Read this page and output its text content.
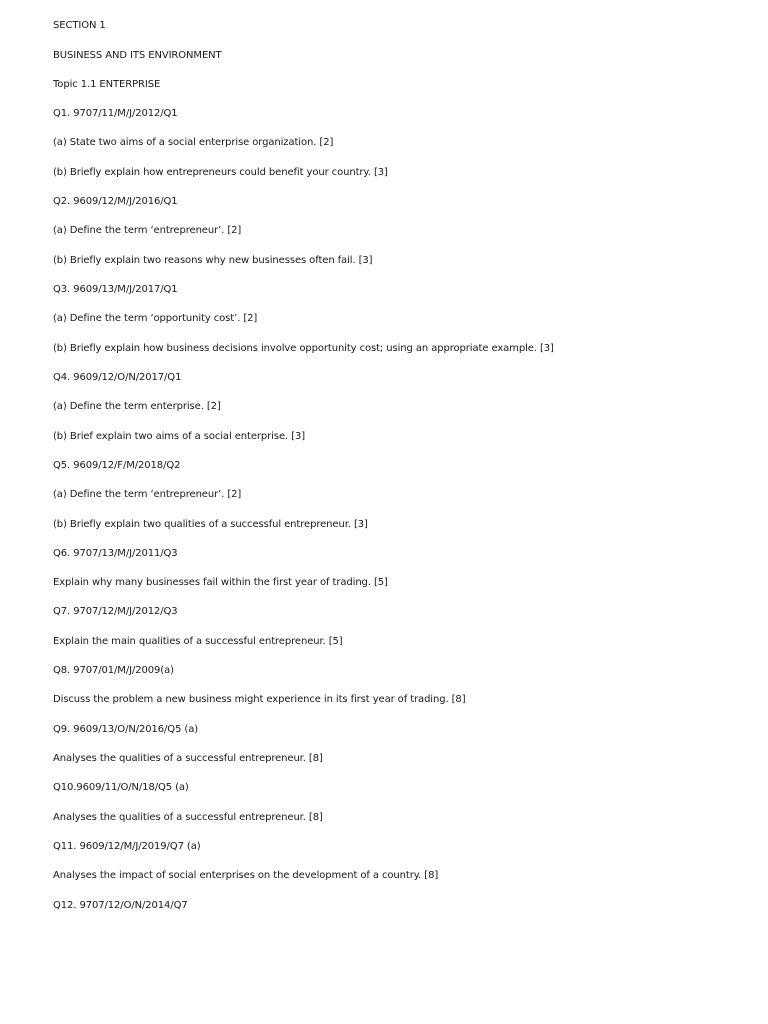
SECTION 1
BUSINESS AND ITS ENVIRONMENT
Topic 1.1 ENTERPRISE
Q1. 9707/11/M/J/2012/Q1
(a) State two aims of a social enterprise organization. [2]
(b) Briefly explain how entrepreneurs could benefit your country. [3]
Q2. 9609/12/M/J/2016/Q1
(a) Define the term ‘entrepreneur’. [2]
(b) Briefly explain two reasons why new businesses often fail. [3]
Q3. 9609/13/M/J/2017/Q1
(a) Define the term ‘opportunity cost’. [2]
(b) Briefly explain how business decisions involve opportunity cost; using an appropriate example. [3]
Q4. 9609/12/O/N/2017/Q1
(a) Define the term enterprise. [2]
(b) Brief explain two aims of a social enterprise. [3]
Q5. 9609/12/F/M/2018/Q2
(a) Define the term ‘entrepreneur’. [2]
(b) Briefly explain two qualities of a successful entrepreneur. [3]
Q6. 9707/13/M/J/2011/Q3
Explain why many businesses fail within the first year of trading. [5]
Q7. 9707/12/M/J/2012/Q3
Explain the main qualities of a successful entrepreneur. [5]
Q8. 9707/01/M/J/2009(a)
Discuss the problem a new business might experience in its first year of trading. [8]
Q9. 9609/13/O/N/2016/Q5 (a)
Analyses the qualities of a successful entrepreneur. [8]
Q10.9609/11/O/N/18/Q5 (a)
Analyses the qualities of a successful entrepreneur. [8]
Q11. 9609/12/M/J/2019/Q7 (a)
Analyses the impact of social enterprises on the development of a country. [8]
Q12. 9707/12/O/N/2014/Q7
